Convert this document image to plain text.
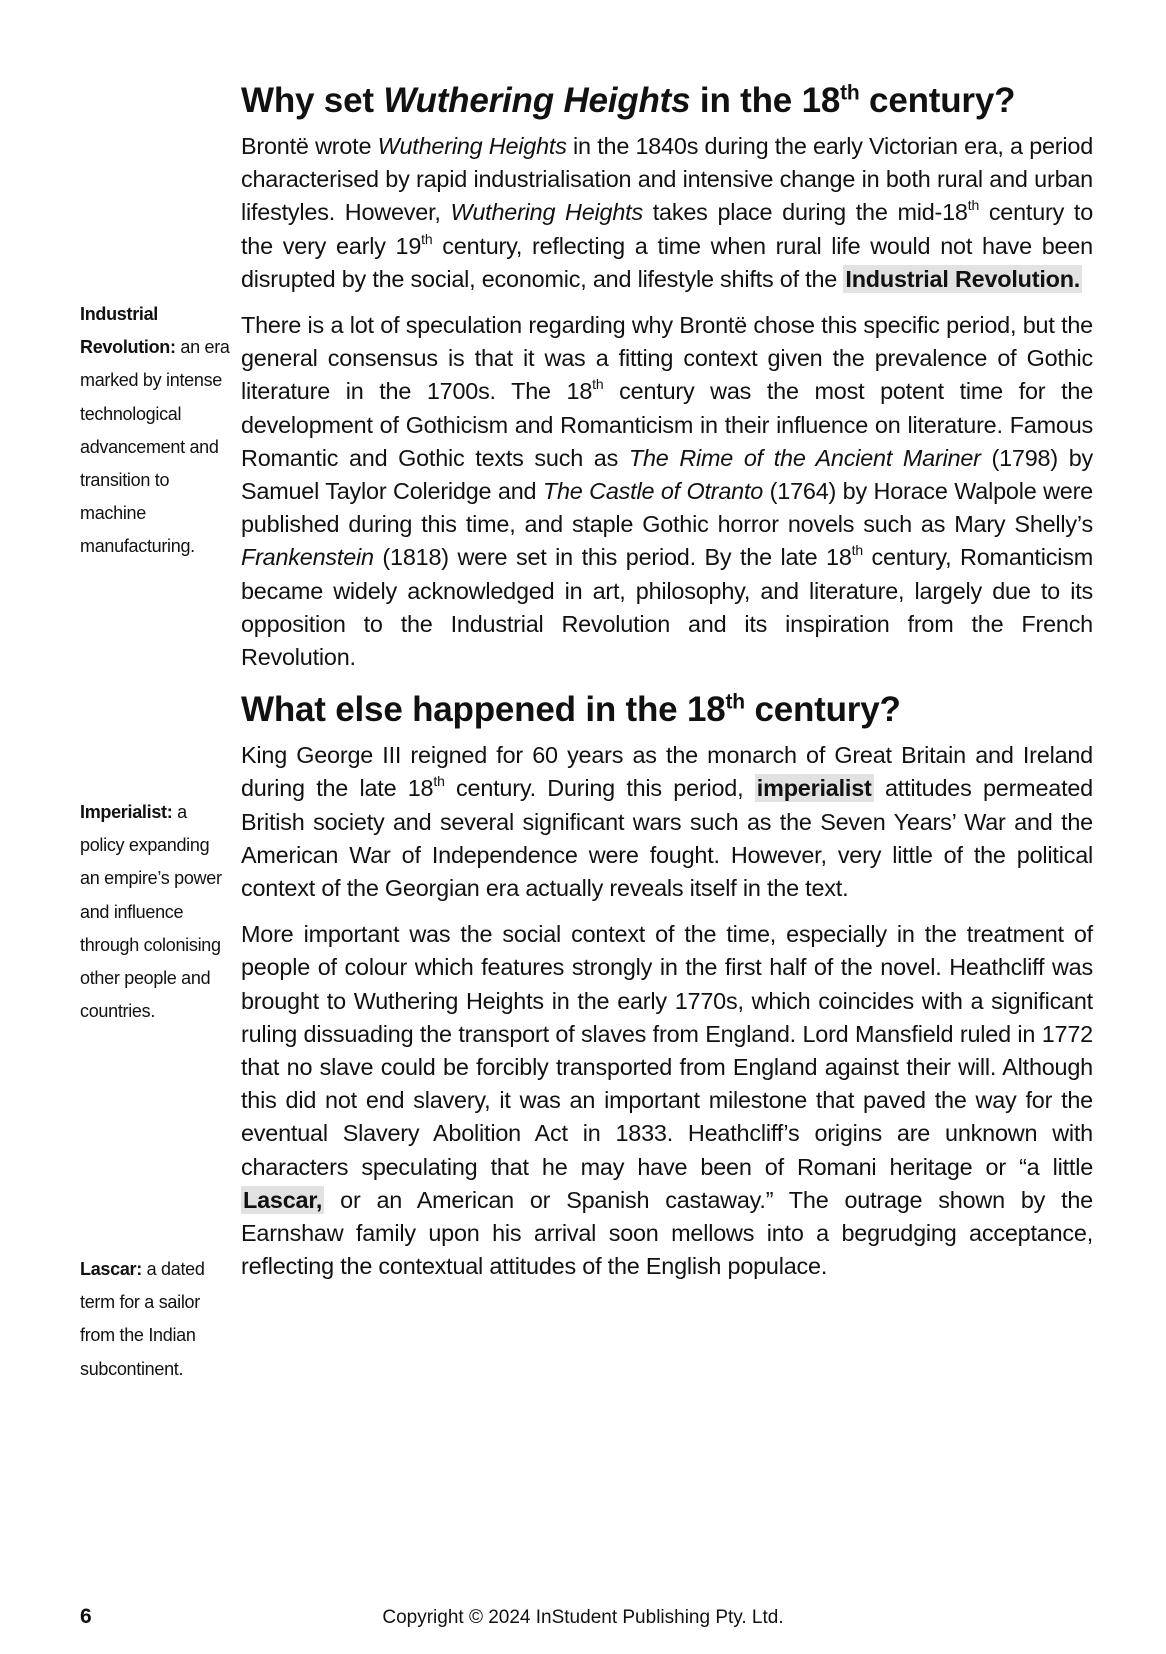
Why set Wuthering Heights in the 18th century?

Brontë wrote Wuthering Heights in the 1840s during the early Victorian era, a period characterised by rapid industrialisation and intensive change in both rural and urban lifestyles. However, Wuthering Heights takes place during the mid-18th century to the very early 19th century, reflecting a time when rural life would not have been disrupted by the social, economic, and lifestyle shifts of the Industrial Revolution.

There is a lot of speculation regarding why Brontë chose this specific period, but the general consensus is that it was a fitting context given the prevalence of Gothic literature in the 1700s. The 18th century was the most potent time for the development of Gothicism and Romanticism in their influence on literature. Famous Romantic and Gothic texts such as The Rime of the Ancient Mariner (1798) by Samuel Taylor Coleridge and The Castle of Otranto (1764) by Horace Walpole were published during this time, and staple Gothic horror novels such as Mary Shelly’s Frankenstein (1818) were set in this period. By the late 18th century, Romanticism became widely acknowledged in art, philosophy, and literature, largely due to its opposition to the Industrial Revolution and its inspiration from the French Revolution.

What else happened in the 18th century?

King George III reigned for 60 years as the monarch of Great Britain and Ireland during the late 18th century. During this period, imperialist attitudes permeated British society and several significant wars such as the Seven Years’ War and the American War of Independence were fought. However, very little of the political context of the Georgian era actually reveals itself in the text.

More important was the social context of the time, especially in the treatment of people of colour which features strongly in the first half of the novel. Heathcliff was brought to Wuthering Heights in the early 1770s, which coincides with a significant ruling dissuading the transport of slaves from England. Lord Mansfield ruled in 1772 that no slave could be forcibly transported from England against their will. Although this did not end slavery, it was an important milestone that paved the way for the eventual Slavery Abolition Act in 1833. Heathcliff’s origins are unknown with characters speculating that he may have been of Romani heritage or “a little Lascar, or an American or Spanish castaway.” The outrage shown by the Earnshaw family upon his arrival soon mellows into a begrudging acceptance, reflecting the contextual attitudes of the English populace.

Industrial Revolution: an era marked by intense technological advancement and transition to machine manufacturing.
Imperialist: a policy expanding an empire’s power and influence through colonising other people and countries.
Lascar: a dated term for a sailor from the Indian subcontinent.
6	Copyright © 2024 InStudent Publishing Pty. Ltd.
